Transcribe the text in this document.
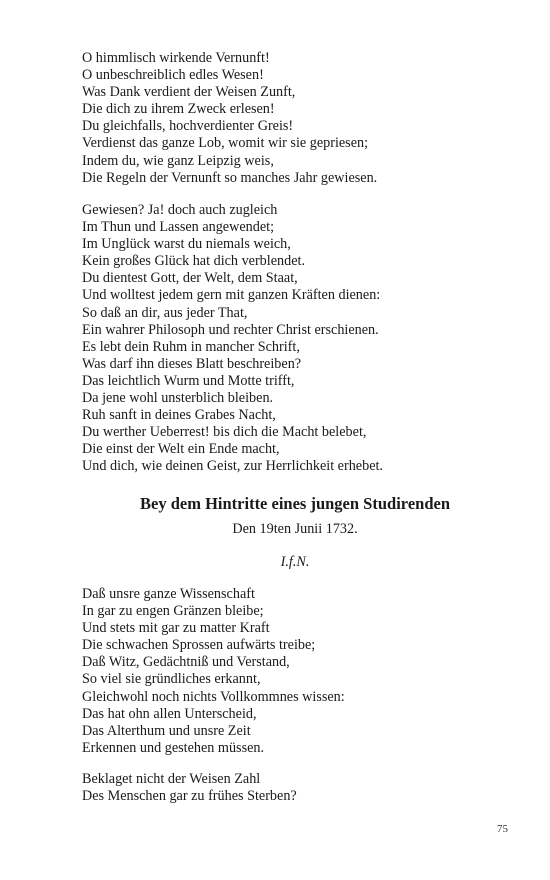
O himmlisch wirkende Vernunft!
O unbeschreiblich edles Wesen!
Was Dank verdient der Weisen Zunft,
Die dich zu ihrem Zweck erlesen!
Du gleichfalls, hochverdienter Greis!
Verdienst das ganze Lob, womit wir sie gepriesen;
Indem du, wie ganz Leipzig weis,
Die Regeln der Vernunft so manches Jahr gewiesen.
Gewiesen? Ja! doch auch zugleich
Im Thun und Lassen angewendet;
Im Unglück warst du niemals weich,
Kein großes Glück hat dich verblendet.
Du dientest Gott, der Welt, dem Staat,
Und wolltest jedem gern mit ganzen Kräften dienen:
So daß an dir, aus jeder That,
Ein wahrer Philosoph und rechter Christ erschienen.
Es lebt dein Ruhm in mancher Schrift,
Was darf ihn dieses Blatt beschreiben?
Das leichtlich Wurm und Motte trifft,
Da jene wohl unsterblich bleiben.
Ruh sanft in deines Grabes Nacht,
Du werther Ueberrest! bis dich die Macht belebet,
Die einst der Welt ein Ende macht,
Und dich, wie deinen Geist, zur Herrlichkeit erhebet.
Bey dem Hintritte eines jungen Studirenden
Den 19ten Junii 1732.
I.f.N.
Daß unsre ganze Wissenschaft
In gar zu engen Gränzen bleibe;
Und stets mit gar zu matter Kraft
Die schwachen Sprossen aufwärts treibe;
Daß Witz, Gedächtniß und Verstand,
So viel sie gründliches erkannt,
Gleichwohl noch nichts Vollkommnes wissen:
Das hat ohn allen Unterscheid,
Das Alterthum und unsre Zeit
Erkennen und gestehen müssen.
Beklaget nicht der Weisen Zahl
Des Menschen gar zu frühes Sterben?
75
